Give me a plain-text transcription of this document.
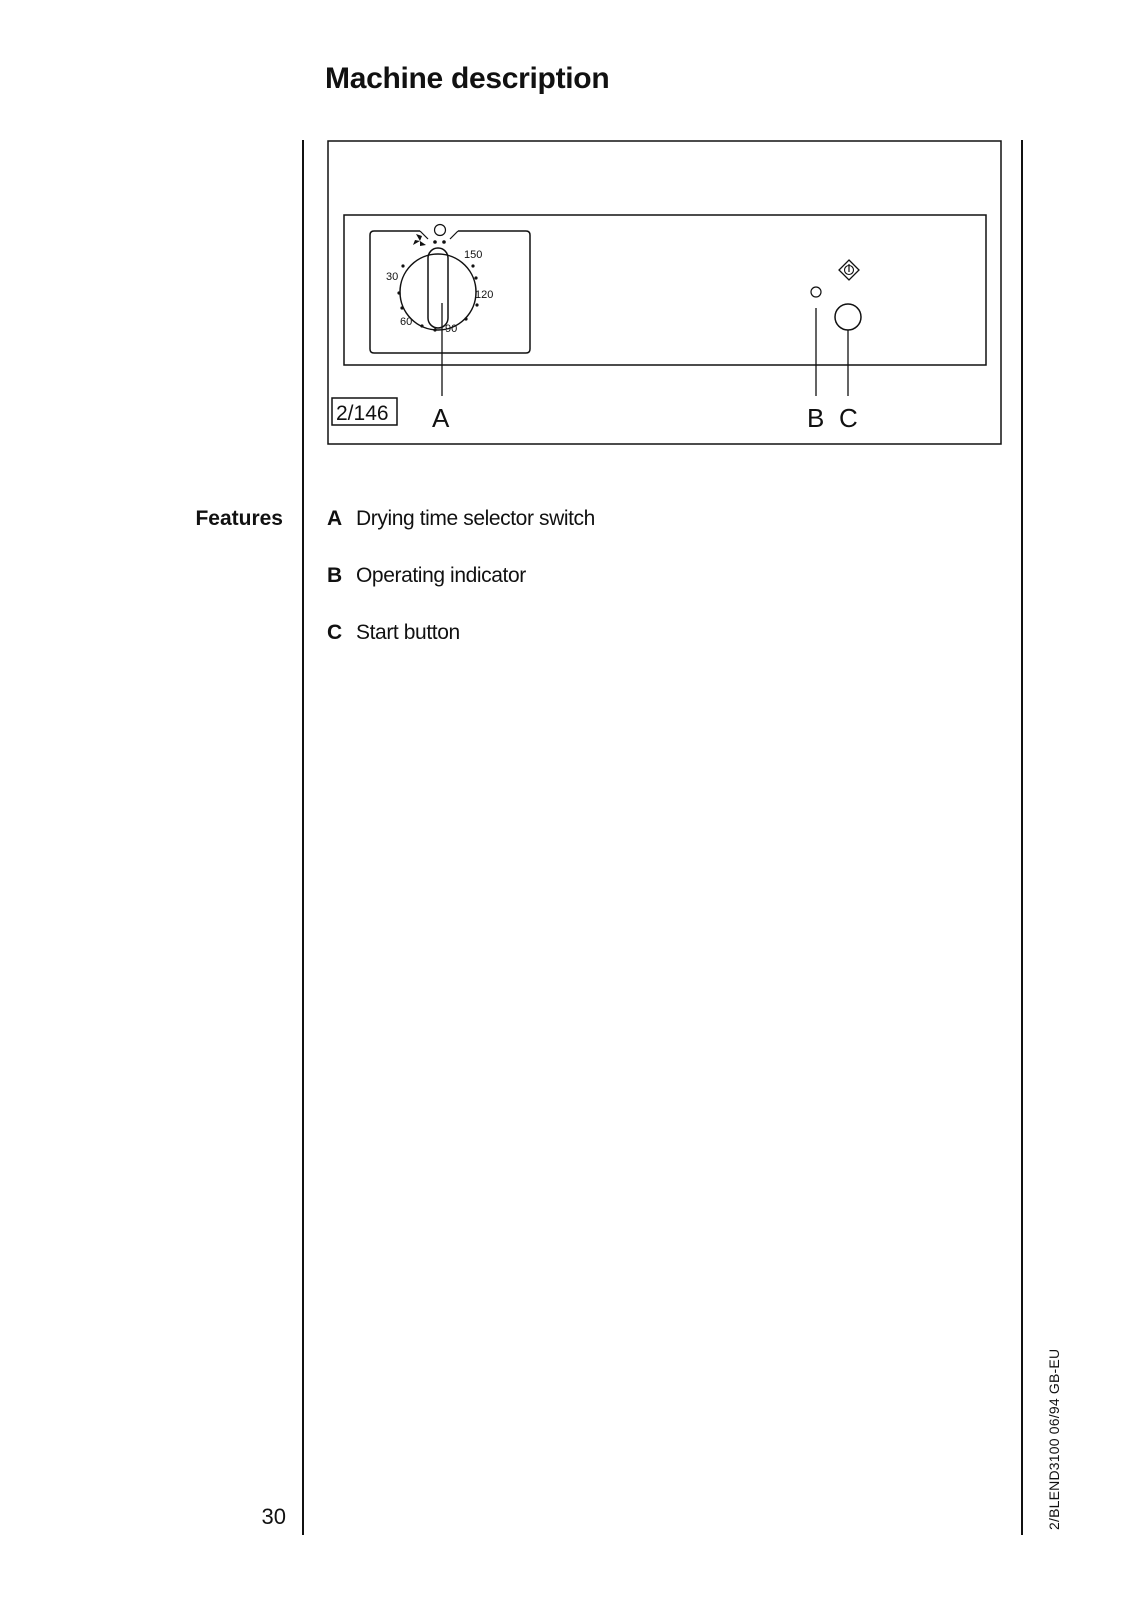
Machine description
150
30
120
60
90
2/146 A	B C
Features A Drying time selector switch
B Operating indicator
C Start button
30	2/BLEND3100 06/94 GB-EU
